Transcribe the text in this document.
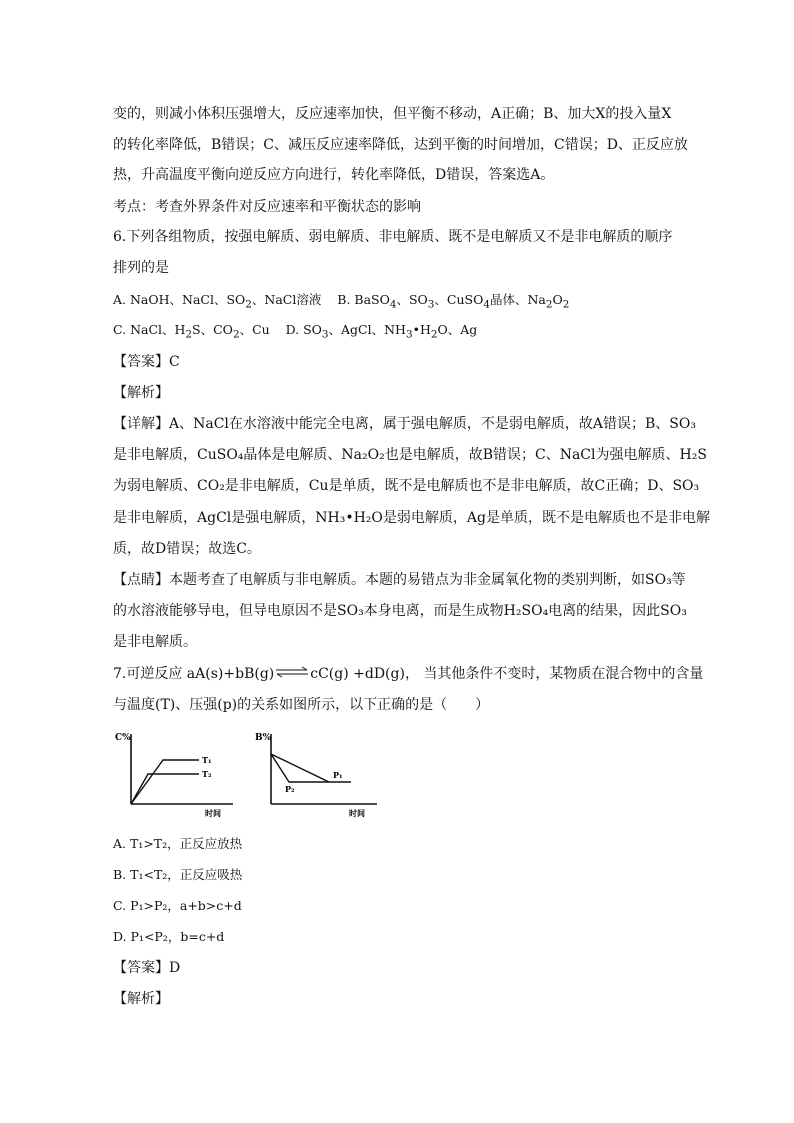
变的，则减小体积压强增大，反应速率加快，但平衡不移动，A正确；B、加大X的投入量X
的转化率降低，B错误；C、减压反应速率降低，达到平衡的时间增加，C错误；D、正反应放
热，升高温度平衡向逆反应方向进行，转化率降低，D错误，答案选A。
考点：考查外界条件对反应速率和平衡状态的影响
6.下列各组物质，按强电解质、弱电解质、非电解质、既不是电解质又不是非电解质的顺序
排列的是
A. NaOH、NaCl、$SO_2$、NaCl溶液    B. BaSO$_4$、$SO_3$、CuSO$_4$晶体、$Na_2O_2$
C. NaCl、$H_2S$、$CO_2$、Cu    D. $SO_3$、AgCl、$NH_3•H_2O$、Ag
【答案】C
【解析】
【详解】A、NaCl在水溶液中能完全电离，属于强电解质，不是弱电解质，故A错误；B、SO₃
是非电解质，CuSO₄晶体是电解质、Na₂O₂也是电解质，故B错误；C、NaCl为强电解质、H₂S
为弱电解质、CO₂是非电解质，Cu是单质，既不是电解质也不是非电解质，故C正确；D、SO₃
是非电解质，AgCl是强电解质，NH₃•H₂O是弱电解质，Ag是单质，既不是电解质也不是非电解
质，故D错误；故选C。
【点睛】本题考查了电解质与非电解质。本题的易错点为非金属氧化物的类别判断，如SO₃等
的水溶液能够导电，但导电原因不是SO₃本身电离，而是生成物H₂SO₄电离的结果，因此SO₃
是非电解质。
7.可逆反应 aA(s)+bB(g)⇌cC(g) +dD(g)， 当其他条件不变时，某物质在混合物中的含量
与温度(T)、压强(p)的关系如图所示，以下正确的是（　　）
C%
时间
T₁
T₂
B%
时间
P₁
P₂
A. T₁>T₂，正反应放热
B. T₁<T₂，正反应吸热
C. P₁>P₂，a+b>c+d
D. P₁<P₂，b=c+d
【答案】D
【解析】
